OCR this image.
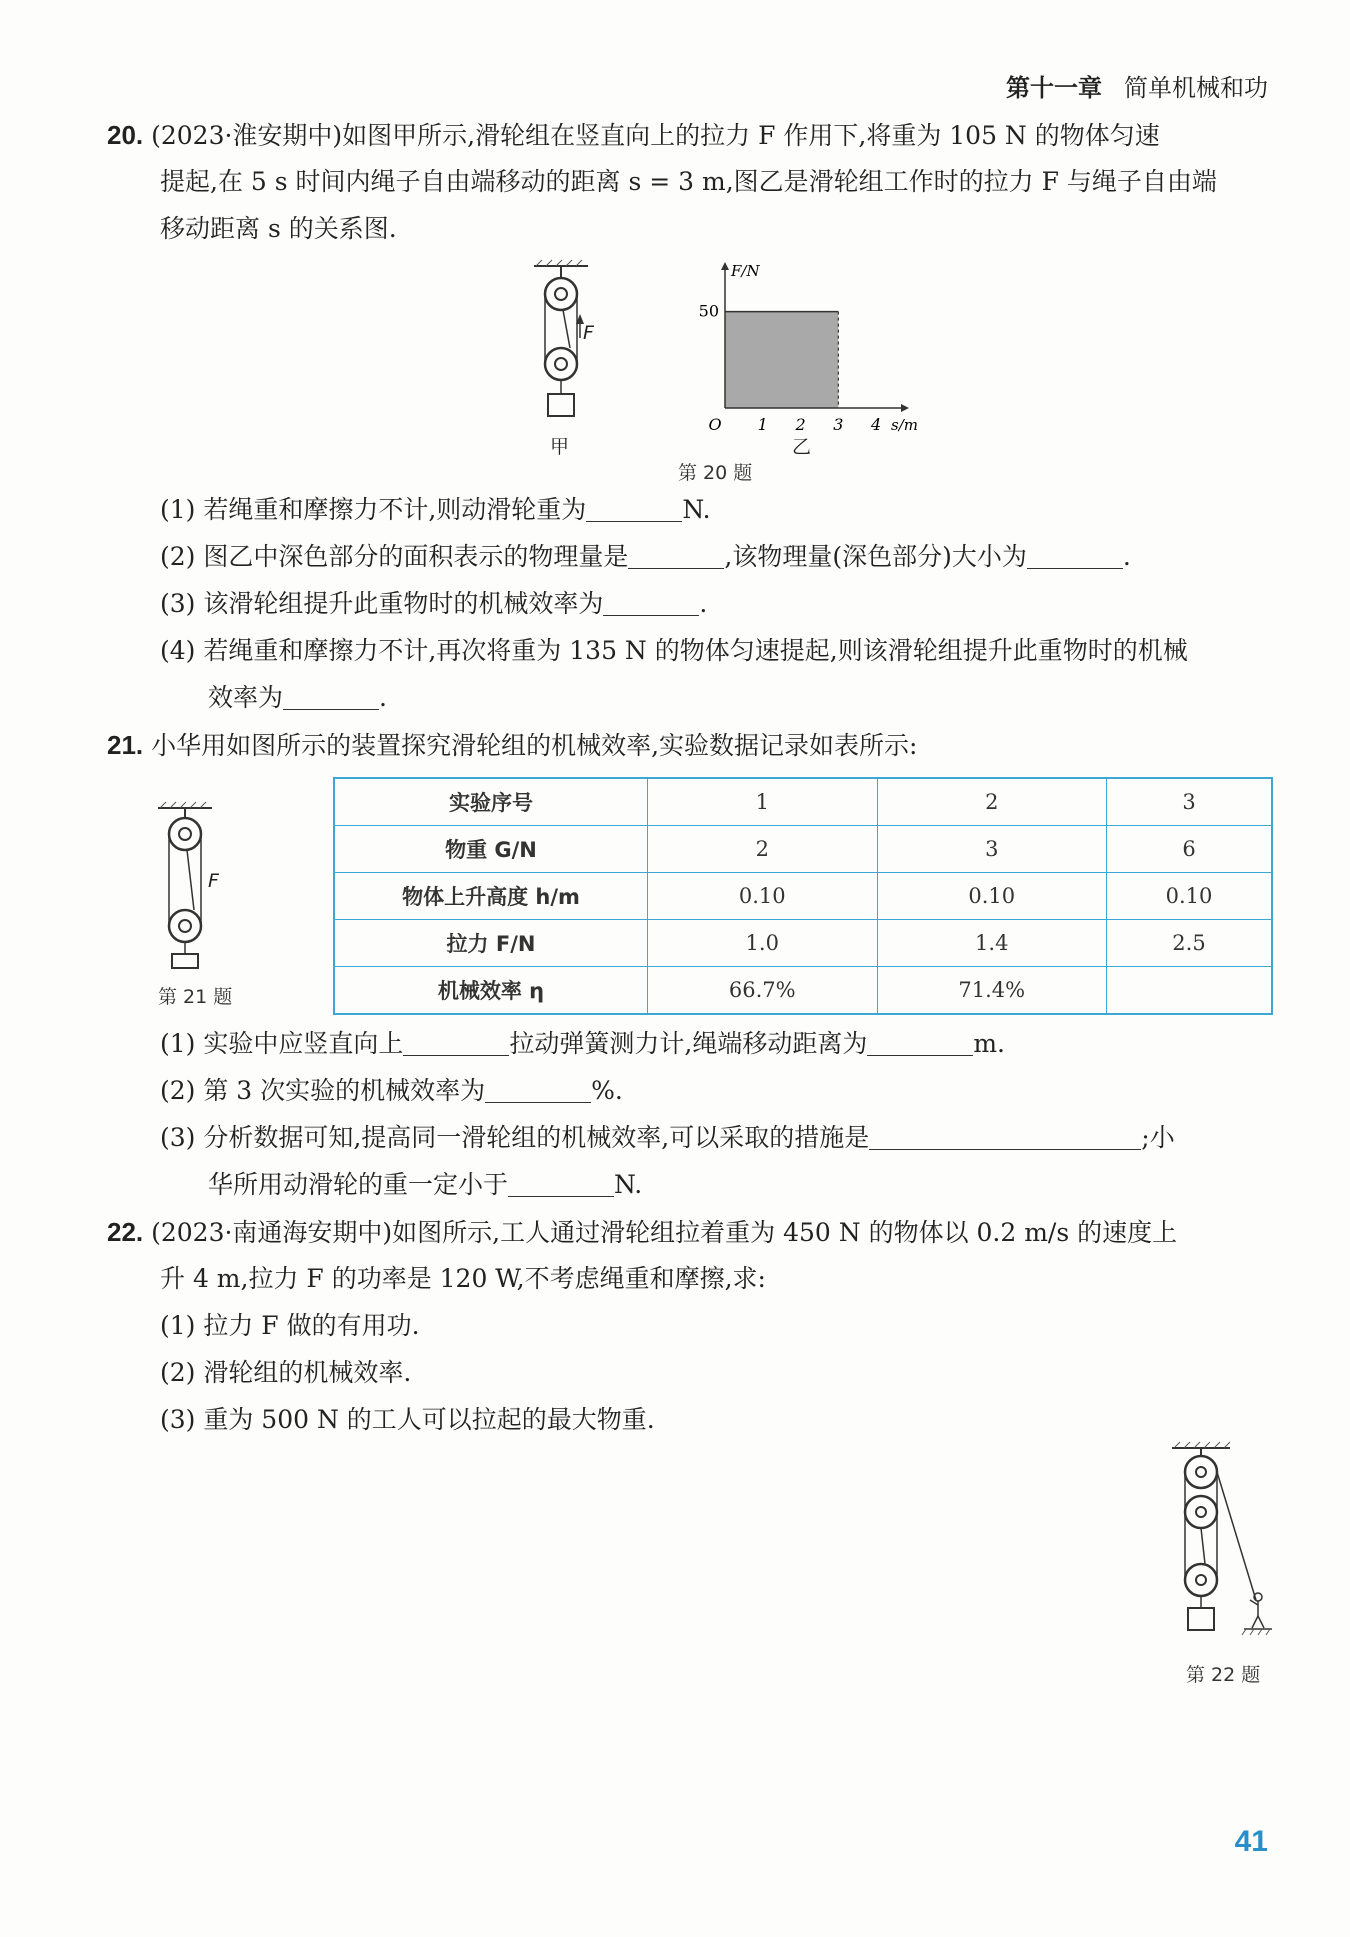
第十一章 简单机械和功
20. (2023·淮安期中)如图甲所示,滑轮组在竖直向上的拉力 F 作用下,将重为 105 N 的物体匀速
提起,在 5 s 时间内绳子自由端移动的距离 s = 3 m,图乙是滑轮组工作时的拉力 F 与绳子自由端
移动距离 s 的关系图.
F
甲
1 2 3 4
50
O	s/m
F/N
乙
第 20 题
(1) 若绳重和摩擦力不计,则动滑轮重为	N.
(2) 图乙中深色部分的面积表示的物理量是	,该物理量(深色部分)大小为	.
(3) 该滑轮组提升此重物时的机械效率为	.
(4) 若绳重和摩擦力不计,再次将重为 135 N 的物体匀速提起,则该滑轮组提升此重物时的机械
效率为	.
21. 小华用如图所示的装置探究滑轮组的机械效率,实验数据记录如表所示:
F
第 21 题
实验序号	1	2	3
物重 G/N	2	3	6
物体上升高度 h/m	0.10	0.10	0.10
拉力 F/N	1.0	1.4	2.5
机械效率 η	66.7%	71.4%	
(1) 实验中应竖直向上	拉动弹簧测力计,绳端移动距离为	m.
(2) 第 3 次实验的机械效率为	%.
(3) 分析数据可知,提高同一滑轮组的机械效率,可以采取的措施是	;小
华所用动滑轮的重一定小于	N.
22. (2023·南通海安期中)如图所示,工人通过滑轮组拉着重为 450 N 的物体以 0.2 m/s 的速度上
升 4 m,拉力 F 的功率是 120 W,不考虑绳重和摩擦,求:
(1) 拉力 F 做的有用功.
(2) 滑轮组的机械效率.
(3) 重为 500 N 的工人可以拉起的最大物重.
第 22 题
41
